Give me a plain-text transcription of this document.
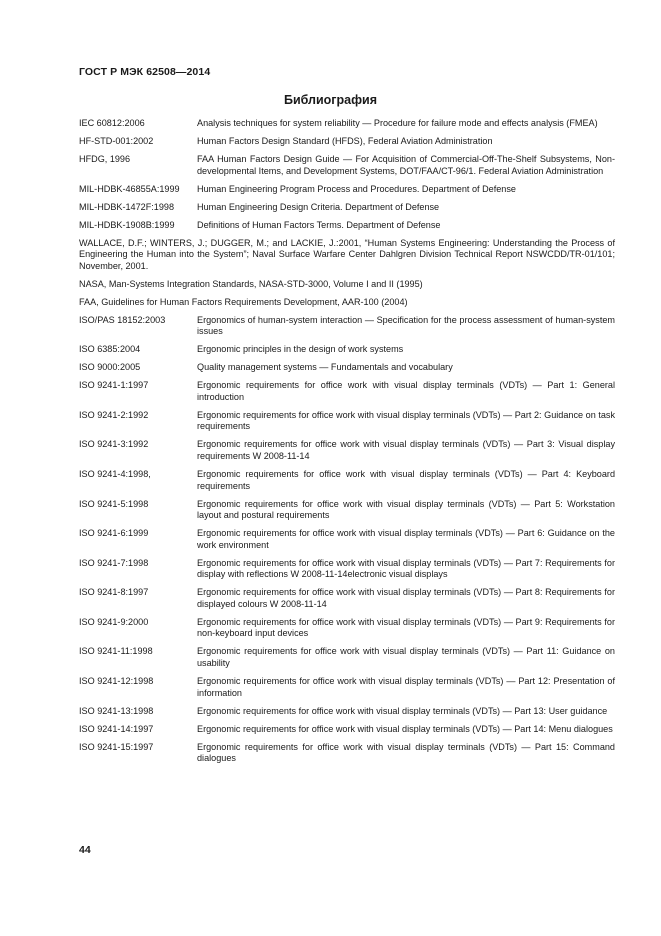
ГОСТ Р МЭК 62508—2014
Библиография
IEC 60812:2006	Analysis techniques for system reliability — Procedure for failure mode and effects analysis (FMEA)
HF-STD-001:2002	Human Factors Design Standard (HFDS), Federal Aviation Administration
HFDG, 1996	FAA Human Factors Design Guide — For Acquisition of Commercial-Off-The-Shelf Subsystems, Non-developmental Items, and Development Systems, DOT/FAA/CT-96/1. Federal Aviation Administration
MIL-HDBK-46855A:1999	Human Engineering Program Process and Procedures. Department of Defense
MIL-HDBK-1472F:1998	Human Engineering Design Criteria. Department of Defense
MIL-HDBK-1908B:1999	Definitions of Human Factors Terms. Department of Defense
WALLACE, D.F.; WINTERS, J.; DUGGER, M.; and LACKIE, J.:2001, “Human Systems Engineering: Understanding the Process of Engineering the Human into the System”; Naval Surface Warfare Center Dahlgren Division Technical Report NSWCDD/TR-01/101; November, 2001.
NASA, Man-Systems Integration Standards, NASA-STD-3000, Volume I and II (1995)
FAA, Guidelines for Human Factors Requirements Development, AAR-100 (2004)
ISO/PAS 18152:2003	Ergonomics of human-system interaction — Specification for the process assessment of human-system issues
ISO 6385:2004	Ergonomic principles in the design of work systems
ISO 9000:2005	Quality management systems — Fundamentals and vocabulary
ISO 9241-1:1997	Ergonomic requirements for office work with visual display terminals (VDTs) — Part 1: General introduction
ISO 9241-2:1992	Ergonomic requirements for office work with visual display terminals (VDTs) — Part 2: Guidance on task requirements
ISO 9241-3:1992	Ergonomic requirements for office work with visual display terminals (VDTs) — Part 3: Visual display requirements W 2008-11-14
ISO 9241-4:1998,	Ergonomic requirements for office work with visual display terminals (VDTs) — Part 4: Keyboard requirements
ISO 9241-5:1998	Ergonomic requirements for office work with visual display terminals (VDTs) — Part 5: Workstation layout and postural requirements
ISO 9241-6:1999	Ergonomic requirements for office work with visual display terminals (VDTs) — Part 6: Guidance on the work environment
ISO 9241-7:1998	Ergonomic requirements for office work with visual display terminals (VDTs) — Part 7: Requirements for display with reflections W 2008-11-14electronic visual displays
ISO 9241-8:1997	Ergonomic requirements for office work with visual display terminals (VDTs) — Part 8: Requirements for displayed colours W 2008-11-14
ISO 9241-9:2000	Ergonomic requirements for office work with visual display terminals (VDTs) — Part 9: Requirements for non-keyboard input devices
ISO 9241-11:1998	Ergonomic requirements for office work with visual display terminals (VDTs) — Part 11: Guidance on usability
ISO 9241-12:1998	Ergonomic requirements for office work with visual display terminals (VDTs) — Part 12: Presentation of information
ISO 9241-13:1998	Ergonomic requirements for office work with visual display terminals (VDTs) — Part 13: User guidance
ISO 9241-14:1997	Ergonomic requirements for office work with visual display terminals (VDTs) — Part 14: Menu dialogues
ISO 9241-15:1997	Ergonomic requirements for office work with visual display terminals (VDTs) — Part 15: Command dialogues
44
